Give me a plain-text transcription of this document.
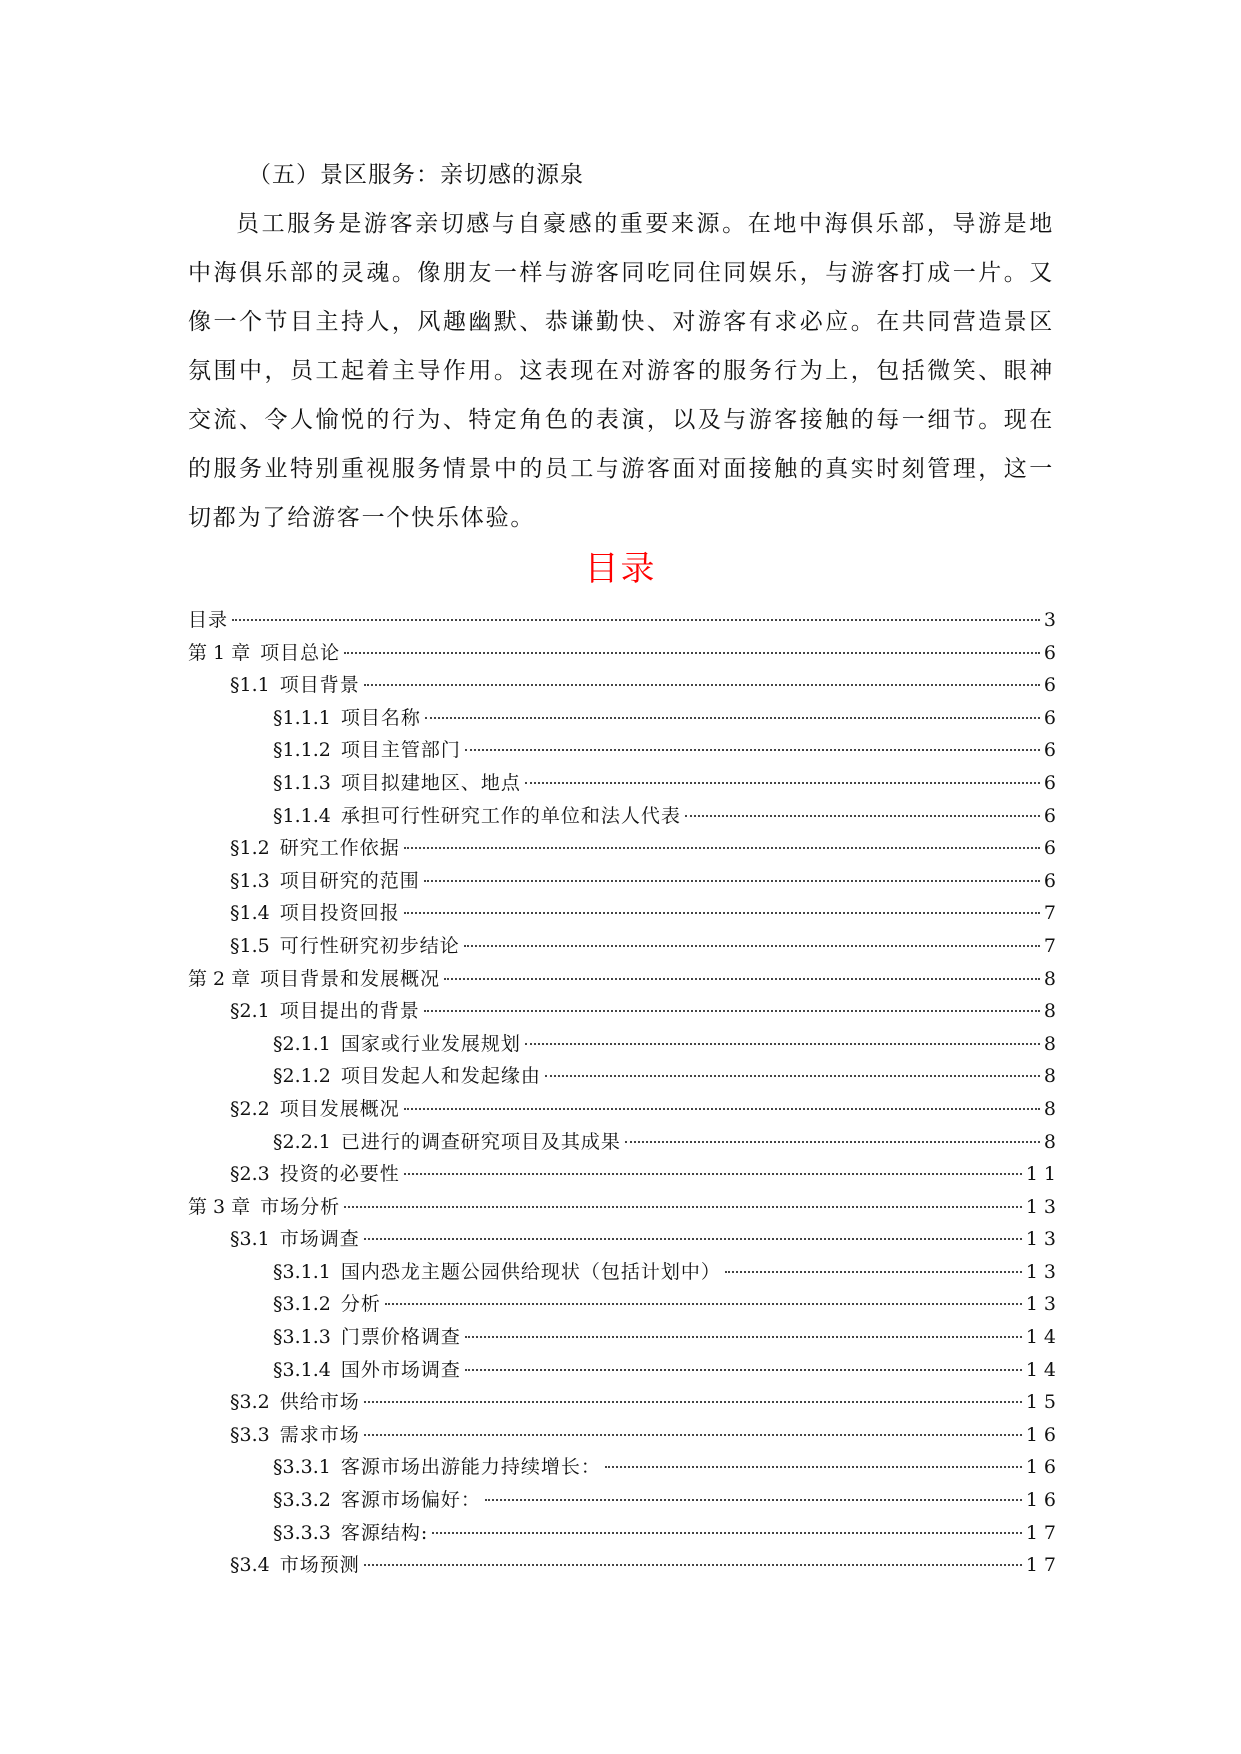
（五）景区服务：亲切感的源泉

员工服务是游客亲切感与自豪感的重要来源。在地中海俱乐部，导游是地中海俱乐部的灵魂。像朋友一样与游客同吃同住同娱乐，与游客打成一片。又像一个节目主持人，风趣幽默、恭谦勤快、对游客有求必应。在共同营造景区氛围中，员工起着主导作用。这表现在对游客的服务行为上，包括微笑、眼神交流、令人愉悦的行为、特定角色的表演，以及与游客接触的每一细节。现在的服务业特别重视服务情景中的员工与游客面对面接触的真实时刻管理，这一切都为了给游客一个快乐体验。

目录
目录	3
第 1 章 项目总论	6
§1.1 项目背景	6
§1.1.1 项目名称	6
§1.1.2 项目主管部门	6
§1.1.3 项目拟建地区、地点	6
§1.1.4 承担可行性研究工作的单位和法人代表	6
§1.2 研究工作依据	6
§1.3 项目研究的范围	6
§1.4 项目投资回报	7
§1.5 可行性研究初步结论	7
第 2 章 项目背景和发展概况	8
§2.1 项目提出的背景	8
§2.1.1 国家或行业发展规划	8
§2.1.2 项目发起人和发起缘由	8
§2.2 项目发展概况	8
§2.2.1 已进行的调查研究项目及其成果	8
§2.3 投资的必要性	11
第 3 章 市场分析	13
§3.1 市场调查	13
§3.1.1 国内恐龙主题公园供给现状（包括计划中）	13
§3.1.2 分析	13
§3.1.3 门票价格调查	14
§3.1.4 国外市场调查	14
§3.2 供给市场	15
§3.3 需求市场	16
§3.3.1 客源市场出游能力持续增长：	16
§3.3.2 客源市场偏好：	16
§3.3.3 客源结构:	17
§3.4 市场预测	17
